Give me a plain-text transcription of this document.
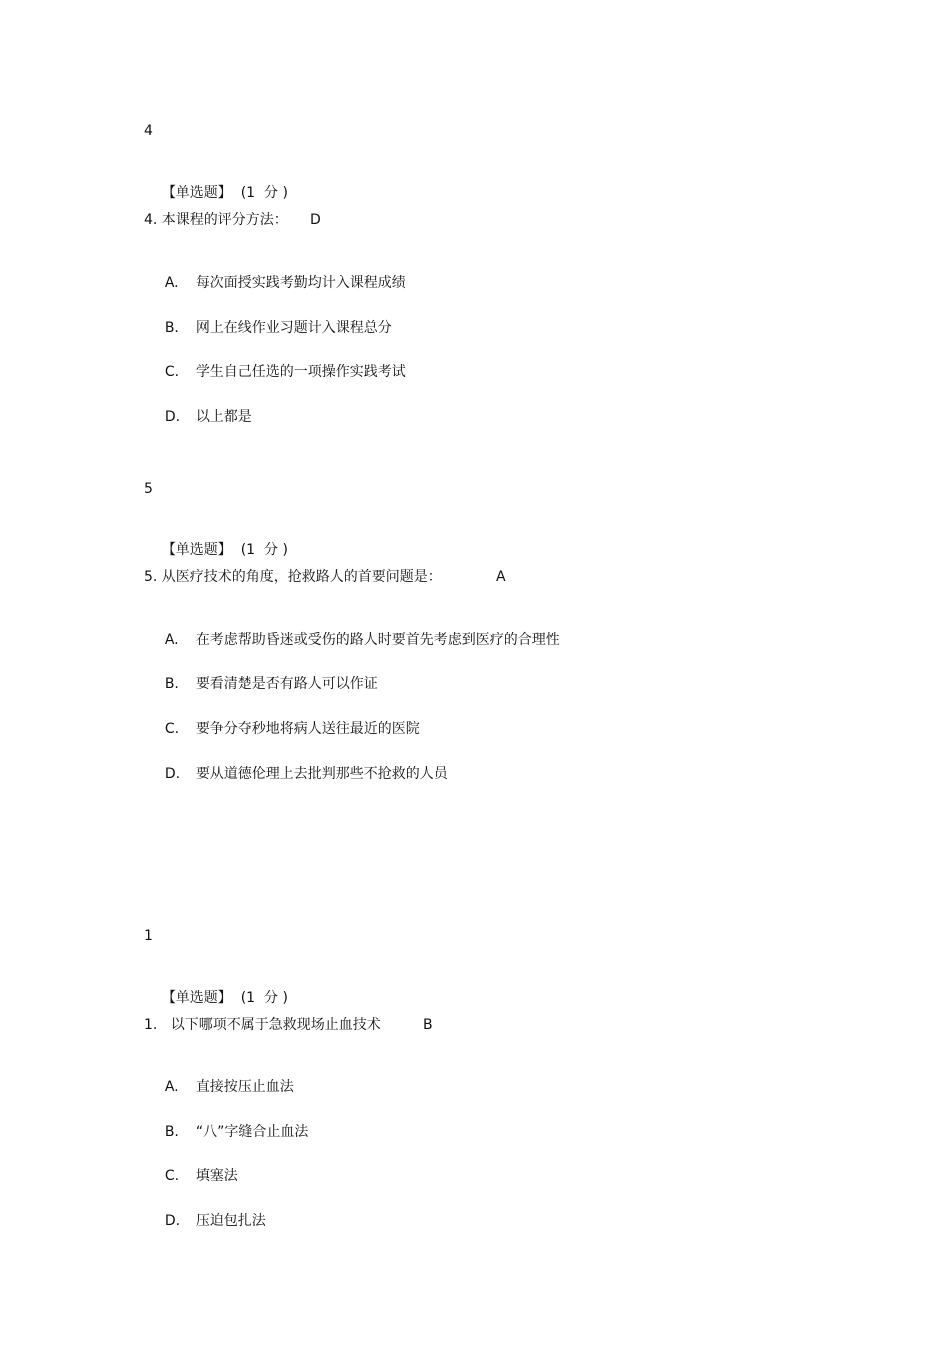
4

【单选题】 (1  分 )

4. 本课程的评分方法： D

A. 每次面授实践考勤均计入课程成绩

B. 网上在线作业习题计入课程总分

C. 学生自己任选的一项操作实践考试

D. 以上都是

5

【单选题】 (1  分 )

5. 从医疗技术的角度，抢救路人的首要问题是：	A

A. 在考虑帮助昏迷或受伤的路人时要首先考虑到医疗的合理性

B. 要看清楚是否有路人可以作证

C. 要争分夺秒地将病人送往最近的医院

D. 要从道德伦理上去批判那些不抢救的人员

1

【单选题】 (1  分 )

1.   以下哪项不属于急救现场止血技术	B

A. 直接按压止血法

B. “八”字缝合止血法

C. 填塞法

D. 压迫包扎法
